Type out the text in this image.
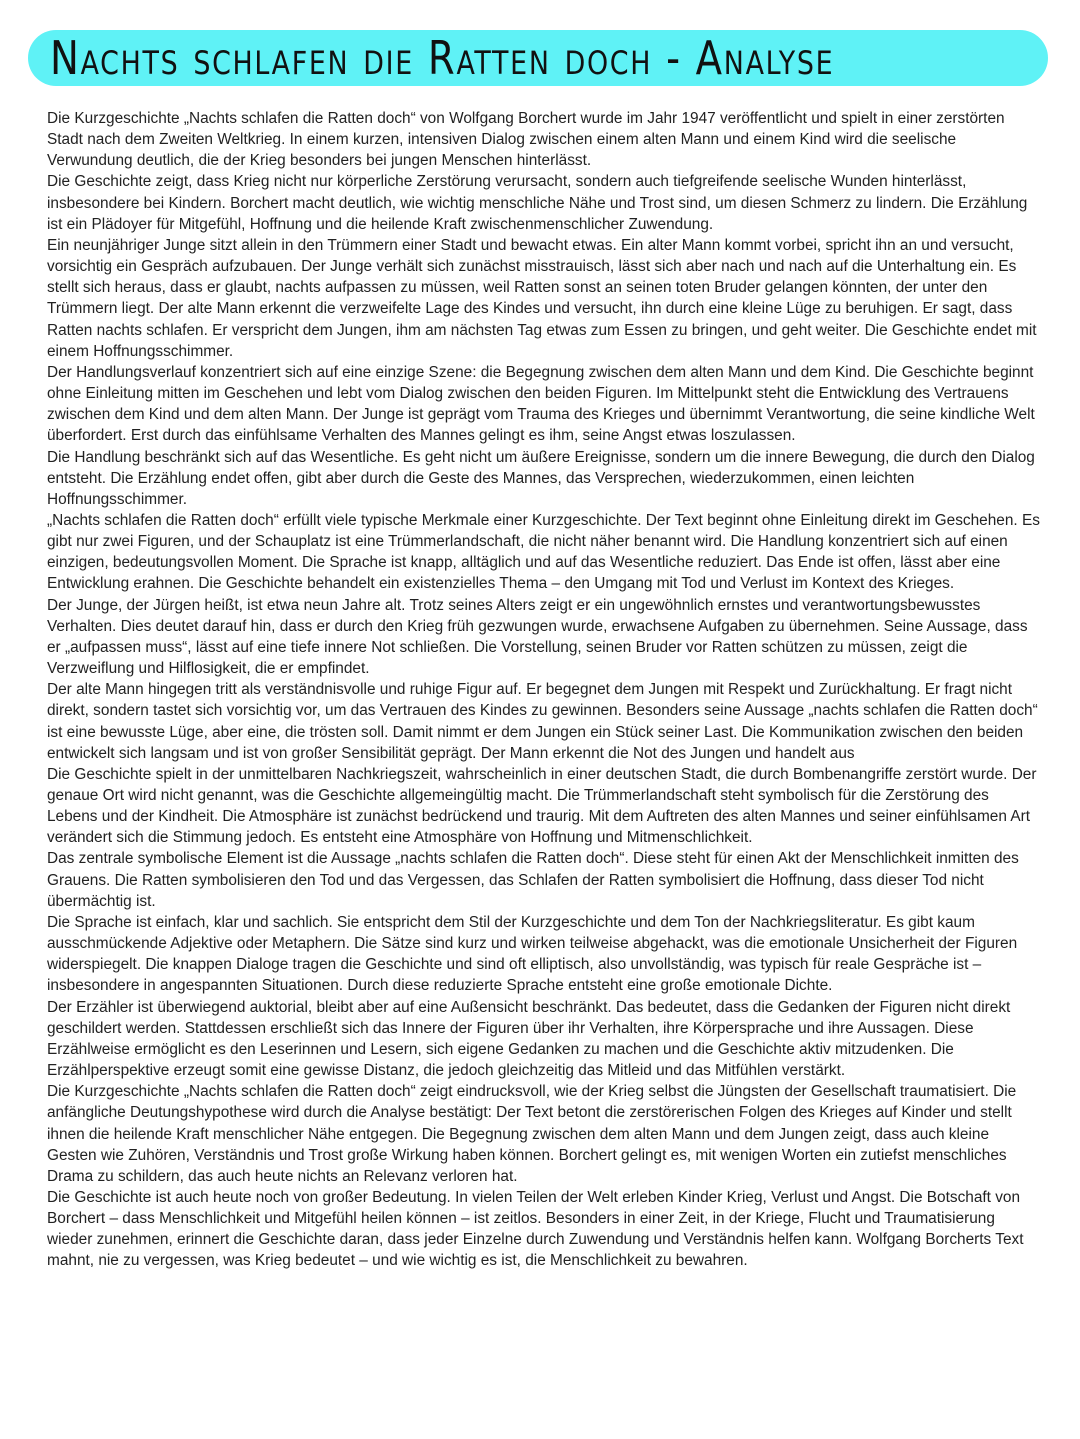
Nachts schlafen die Ratten doch - Analyse

Die Kurzgeschichte „Nachts schlafen die Ratten doch“ von Wolfgang Borchert wurde im Jahr 1947 veröffentlicht und spielt in einer zerstörten Stadt nach dem Zweiten Weltkrieg. In einem kurzen, intensiven Dialog zwischen einem alten Mann und einem Kind wird die seelische Verwundung deutlich, die der Krieg besonders bei jungen Menschen hinterlässt.

Die Geschichte zeigt, dass Krieg nicht nur körperliche Zerstörung verursacht, sondern auch tiefgreifende seelische Wunden hinterlässt, insbesondere bei Kindern. Borchert macht deutlich, wie wichtig menschliche Nähe und Trost sind, um diesen Schmerz zu lindern. Die Erzählung ist ein Plädoyer für Mitgefühl, Hoffnung und die heilende Kraft zwischenmenschlicher Zuwendung.

Ein neunjähriger Junge sitzt allein in den Trümmern einer Stadt und bewacht etwas. Ein alter Mann kommt vorbei, spricht ihn an und versucht, vorsichtig ein Gespräch aufzubauen. Der Junge verhält sich zunächst misstrauisch, lässt sich aber nach und nach auf die Unterhaltung ein. Es stellt sich heraus, dass er glaubt, nachts aufpassen zu müssen, weil Ratten sonst an seinen toten Bruder gelangen könnten, der unter den Trümmern liegt. Der alte Mann erkennt die verzweifelte Lage des Kindes und versucht, ihn durch eine kleine Lüge zu beruhigen. Er sagt, dass Ratten nachts schlafen. Er verspricht dem Jungen, ihm am nächsten Tag etwas zum Essen zu bringen, und geht weiter. Die Geschichte endet mit einem Hoffnungsschimmer.

Der Handlungsverlauf konzentriert sich auf eine einzige Szene: die Begegnung zwischen dem alten Mann und dem Kind. Die Geschichte beginnt ohne Einleitung mitten im Geschehen und lebt vom Dialog zwischen den beiden Figuren. Im Mittelpunkt steht die Entwicklung des Vertrauens zwischen dem Kind und dem alten Mann. Der Junge ist geprägt vom Trauma des Krieges und übernimmt Verantwortung, die seine kindliche Welt überfordert. Erst durch das einfühlsame Verhalten des Mannes gelingt es ihm, seine Angst etwas loszulassen.

Die Handlung beschränkt sich auf das Wesentliche. Es geht nicht um äußere Ereignisse, sondern um die innere Bewegung, die durch den Dialog entsteht. Die Erzählung endet offen, gibt aber durch die Geste des Mannes, das Versprechen, wiederzukommen, einen leichten Hoffnungsschimmer.

„Nachts schlafen die Ratten doch“ erfüllt viele typische Merkmale einer Kurzgeschichte. Der Text beginnt ohne Einleitung direkt im Geschehen. Es gibt nur zwei Figuren, und der Schauplatz ist eine Trümmerlandschaft, die nicht näher benannt wird. Die Handlung konzentriert sich auf einen einzigen, bedeutungsvollen Moment. Die Sprache ist knapp, alltäglich und auf das Wesentliche reduziert. Das Ende ist offen, lässt aber eine Entwicklung erahnen. Die Geschichte behandelt ein existenzielles Thema – den Umgang mit Tod und Verlust im Kontext des Krieges.

Der Junge, der Jürgen heißt, ist etwa neun Jahre alt. Trotz seines Alters zeigt er ein ungewöhnlich ernstes und verantwortungsbewusstes Verhalten. Dies deutet darauf hin, dass er durch den Krieg früh gezwungen wurde, erwachsene Aufgaben zu übernehmen. Seine Aussage, dass er „aufpassen muss“, lässt auf eine tiefe innere Not schließen. Die Vorstellung, seinen Bruder vor Ratten schützen zu müssen, zeigt die Verzweiflung und Hilflosigkeit, die er empfindet.

Der alte Mann hingegen tritt als verständnisvolle und ruhige Figur auf. Er begegnet dem Jungen mit Respekt und Zurückhaltung. Er fragt nicht direkt, sondern tastet sich vorsichtig vor, um das Vertrauen des Kindes zu gewinnen. Besonders seine Aussage „nachts schlafen die Ratten doch“ ist eine bewusste Lüge, aber eine, die trösten soll. Damit nimmt er dem Jungen ein Stück seiner Last. Die Kommunikation zwischen den beiden entwickelt sich langsam und ist von großer Sensibilität geprägt. Der Mann erkennt die Not des Jungen und handelt aus

Die Geschichte spielt in der unmittelbaren Nachkriegszeit, wahrscheinlich in einer deutschen Stadt, die durch Bombenangriffe zerstört wurde. Der genaue Ort wird nicht genannt, was die Geschichte allgemeingültig macht. Die Trümmerlandschaft steht symbolisch für die Zerstörung des Lebens und der Kindheit. Die Atmosphäre ist zunächst bedrückend und traurig. Mit dem Auftreten des alten Mannes und seiner einfühlsamen Art verändert sich die Stimmung jedoch. Es entsteht eine Atmosphäre von Hoffnung und Mitmenschlichkeit.

Das zentrale symbolische Element ist die Aussage „nachts schlafen die Ratten doch“. Diese steht für einen Akt der Menschlichkeit inmitten des Grauens. Die Ratten symbolisieren den Tod und das Vergessen, das Schlafen der Ratten symbolisiert die Hoffnung, dass dieser Tod nicht übermächtig ist.

Die Sprache ist einfach, klar und sachlich. Sie entspricht dem Stil der Kurzgeschichte und dem Ton der Nachkriegsliteratur. Es gibt kaum ausschmückende Adjektive oder Metaphern. Die Sätze sind kurz und wirken teilweise abgehackt, was die emotionale Unsicherheit der Figuren widerspiegelt. Die knappen Dialoge tragen die Geschichte und sind oft elliptisch, also unvollständig, was typisch für reale Gespräche ist – insbesondere in angespannten Situationen. Durch diese reduzierte Sprache entsteht eine große emotionale Dichte.

Der Erzähler ist überwiegend auktorial, bleibt aber auf eine Außensicht beschränkt. Das bedeutet, dass die Gedanken der Figuren nicht direkt geschildert werden. Stattdessen erschließt sich das Innere der Figuren über ihr Verhalten, ihre Körpersprache und ihre Aussagen. Diese Erzählweise ermöglicht es den Leserinnen und Lesern, sich eigene Gedanken zu machen und die Geschichte aktiv mitzudenken. Die Erzählperspektive erzeugt somit eine gewisse Distanz, die jedoch gleichzeitig das Mitleid und das Mitfühlen verstärkt.

Die Kurzgeschichte „Nachts schlafen die Ratten doch“ zeigt eindrucksvoll, wie der Krieg selbst die Jüngsten der Gesellschaft traumatisiert. Die anfängliche Deutungshypothese wird durch die Analyse bestätigt: Der Text betont die zerstörerischen Folgen des Krieges auf Kinder und stellt ihnen die heilende Kraft menschlicher Nähe entgegen. Die Begegnung zwischen dem alten Mann und dem Jungen zeigt, dass auch kleine Gesten wie Zuhören, Verständnis und Trost große Wirkung haben können. Borchert gelingt es, mit wenigen Worten ein zutiefst menschliches Drama zu schildern, das auch heute nichts an Relevanz verloren hat.

Die Geschichte ist auch heute noch von großer Bedeutung. In vielen Teilen der Welt erleben Kinder Krieg, Verlust und Angst. Die Botschaft von Borchert – dass Menschlichkeit und Mitgefühl heilen können – ist zeitlos. Besonders in einer Zeit, in der Kriege, Flucht und Traumatisierung wieder zunehmen, erinnert die Geschichte daran, dass jeder Einzelne durch Zuwendung und Verständnis helfen kann. Wolfgang Borcherts Text mahnt, nie zu vergessen, was Krieg bedeutet – und wie wichtig es ist, die Menschlichkeit zu bewahren.
